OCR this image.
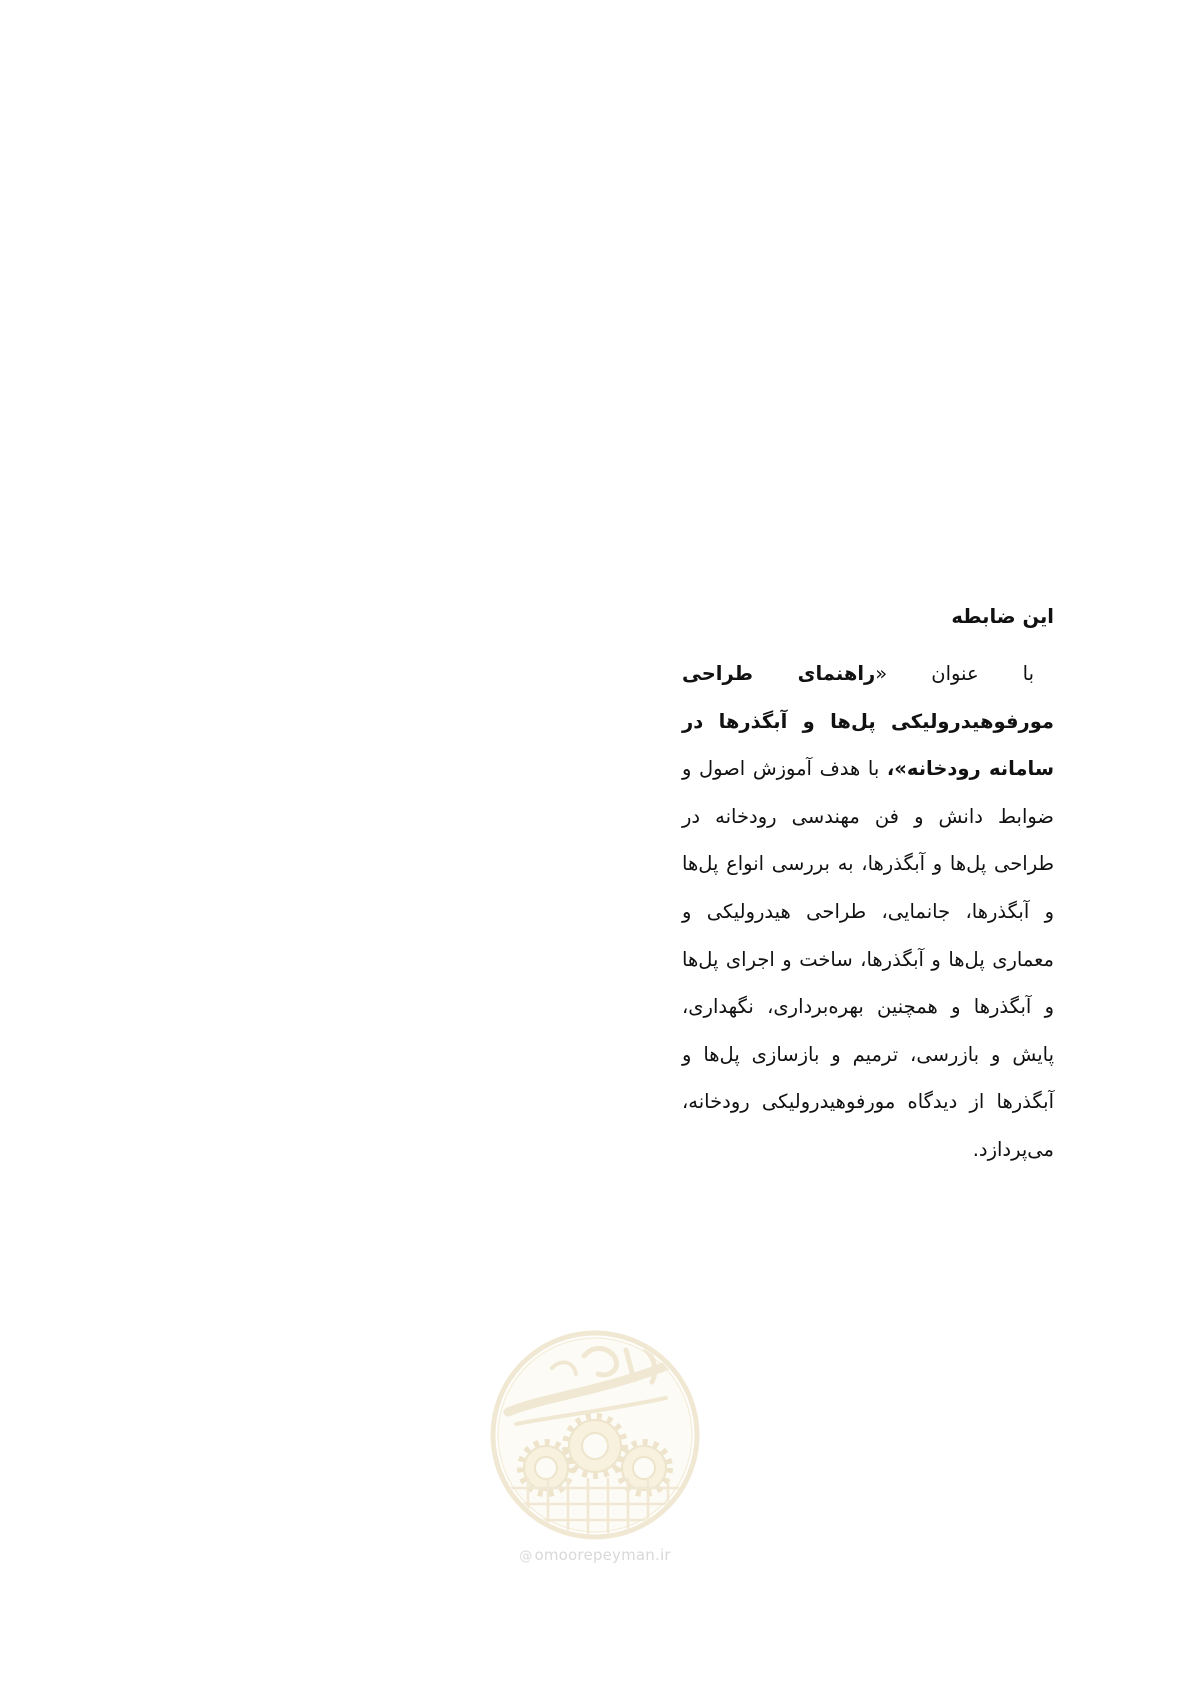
این ضابطه

با عنوان «راهنمای طراحی مورفوهیدرولیکی پل‌ها و آبگذرها در سامانه رودخانه»، با هدف آموزش اصول و ضوابط دانش و فن مهندسی رودخانه در طراحی پل‌ها و آبگذرها، به بررسی انواع پل‌ها و آبگذرها، جانمایی، طراحی هیدرولیکی و معماری پل‌ها و آبگذرها، ساخت و اجرای پل‌ها و آبگذرها و همچنین بهره‌برداری، نگهداری، پایش و بازرسی، ترمیم و بازسازی پل‌ها و آبگذرها از دیدگاه مورفوهیدرولیکی رودخانه، می‌پردازد.

@ omoorepeyman.ir
